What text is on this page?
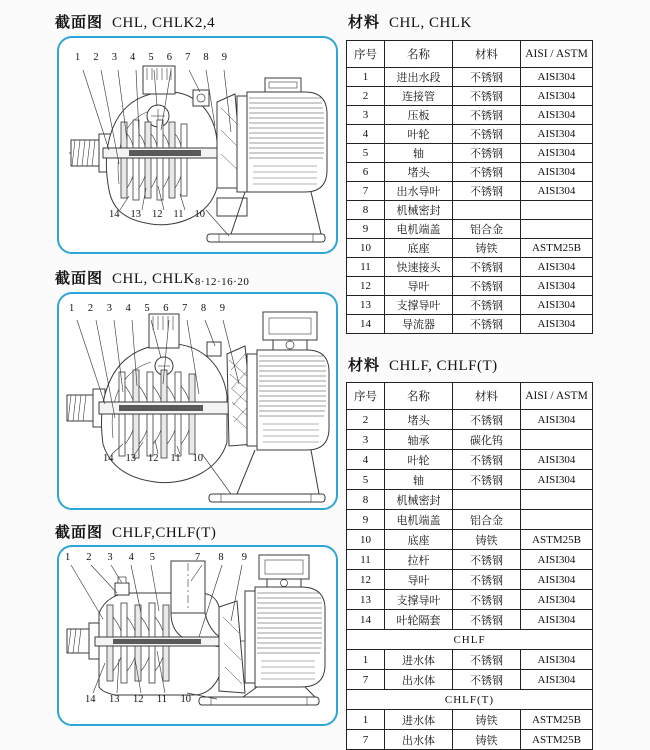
截面图 CHL, CHLK2,4
1 2 3 4 5 6 7 8 9
14 13 12 11 10
截面图 CHL, CHLK8·12·16·20
1 2 3 4 5 6 7 8 9
14 13 12 11 10
截面图 CHLF,CHLF(T)
1 2 3 4 5	7 8 9
14 13 12 11 10
材料 CHL, CHLK
序号	名称	材料	AISI / ASTM
1	进出水段	不锈钢	AISI304
2	连接管	不锈钢	AISI304
3	压板	不锈钢	AISI304
4	叶轮	不锈钢	AISI304
5	轴	不锈钢	AISI304
6	堵头	不锈钢	AISI304
7	出水导叶	不锈钢	AISI304
8	机械密封		
9	电机端盖	铝合金	
10	底座	铸铁	ASTM25B
11	快速接头	不锈钢	AISI304
12	导叶	不锈钢	AISI304
13	支撑导叶	不锈钢	AISI304
14	导流器	不锈钢	AISI304
材料 CHLF, CHLF(T)
序号	名称	材料	AISI / ASTM
2	堵头	不锈钢	AISI304
3	轴承	碳化钨	
4	叶轮	不锈钢	AISI304
5	轴	不锈钢	AISI304
8	机械密封		
9	电机端盖	铝合金	
10	底座	铸铁	ASTM25B
11	拉杆	不锈钢	AISI304
12	导叶	不锈钢	AISI304
13	支撑导叶	不锈钢	AISI304
14	叶轮隔套	不锈钢	AISI304
CHLF			
1	进水体	不锈钢	AISI304
7	出水体	不锈钢	AISI304
CHLF(T)			
1	进水体	铸铁	ASTM25B
7	出水体	铸铁	ASTM25B
